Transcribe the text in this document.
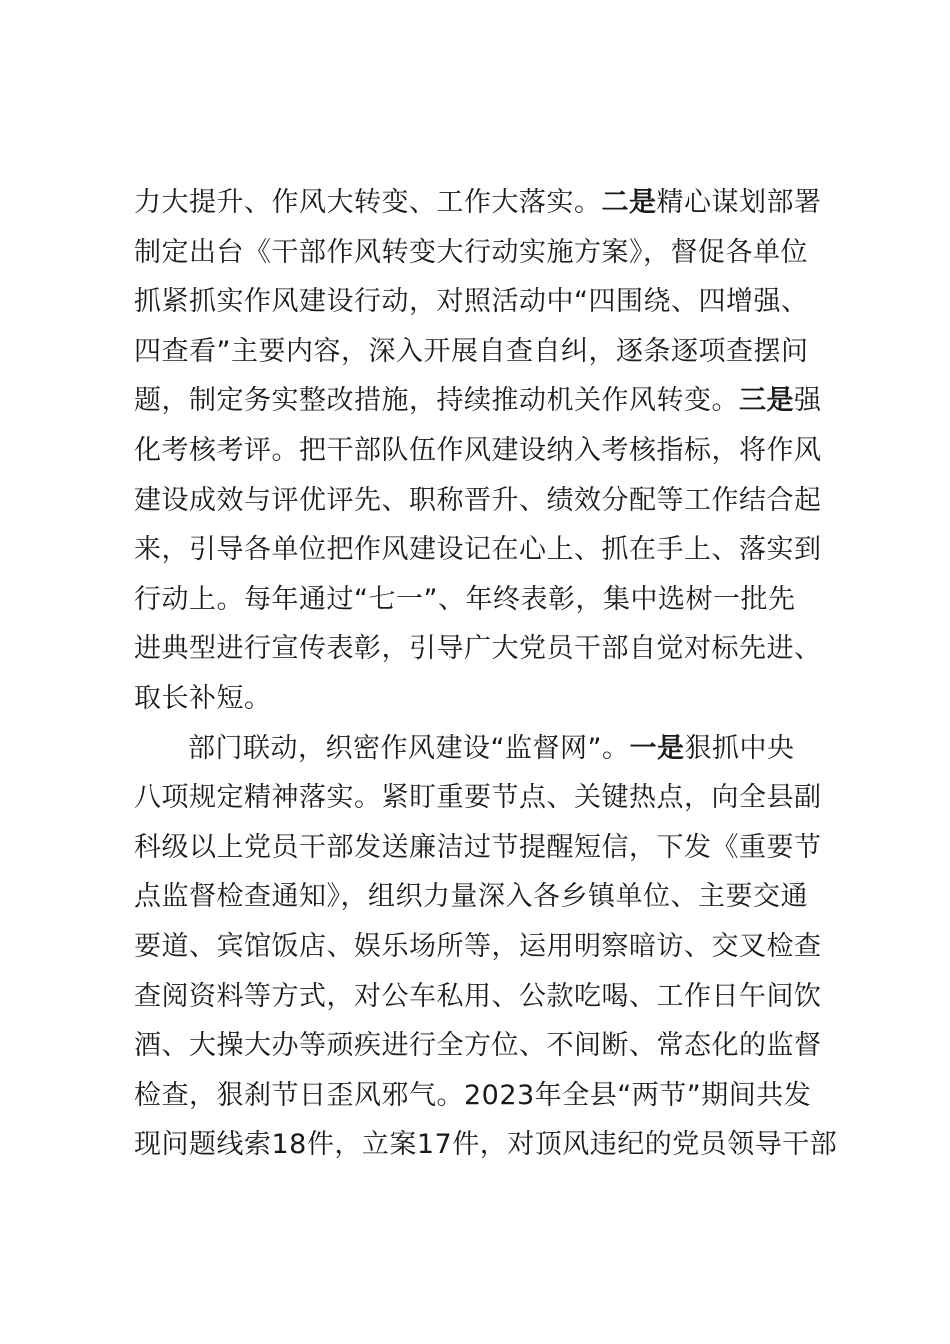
力大提升、作风大转变、工作大落实。二是精心谋划部署
制定出台《干部作风转变大行动实施方案》，督促各单位
抓紧抓实作风建设行动，对照活动中“四围绕、四增强、
四查看”主要内容，深入开展自查自纠，逐条逐项查摆问
题，制定务实整改措施，持续推动机关作风转变。三是强
化考核考评。把干部队伍作风建设纳入考核指标，将作风
建设成效与评优评先、职称晋升、绩效分配等工作结合起
来，引导各单位把作风建设记在心上、抓在手上、落实到
行动上。每年通过“七一”、年终表彰，集中选树一批先
进典型进行宣传表彰，引导广大党员干部自觉对标先进、
取长补短。
部门联动，织密作风建设“监督网”。一是狠抓中央
八项规定精神落实。紧盯重要节点、关键热点，向全县副
科级以上党员干部发送廉洁过节提醒短信，下发《重要节
点监督检查通知》，组织力量深入各乡镇单位、主要交通
要道、宾馆饭店、娱乐场所等，运用明察暗访、交叉检查
查阅资料等方式，对公车私用、公款吃喝、工作日午间饮
酒、大操大办等顽疾进行全方位、不间断、常态化的监督
检查，狠刹节日歪风邪气。2023年全县“两节”期间共发
现问题线索18件，立案17件，对顶风违纪的党员领导干部
